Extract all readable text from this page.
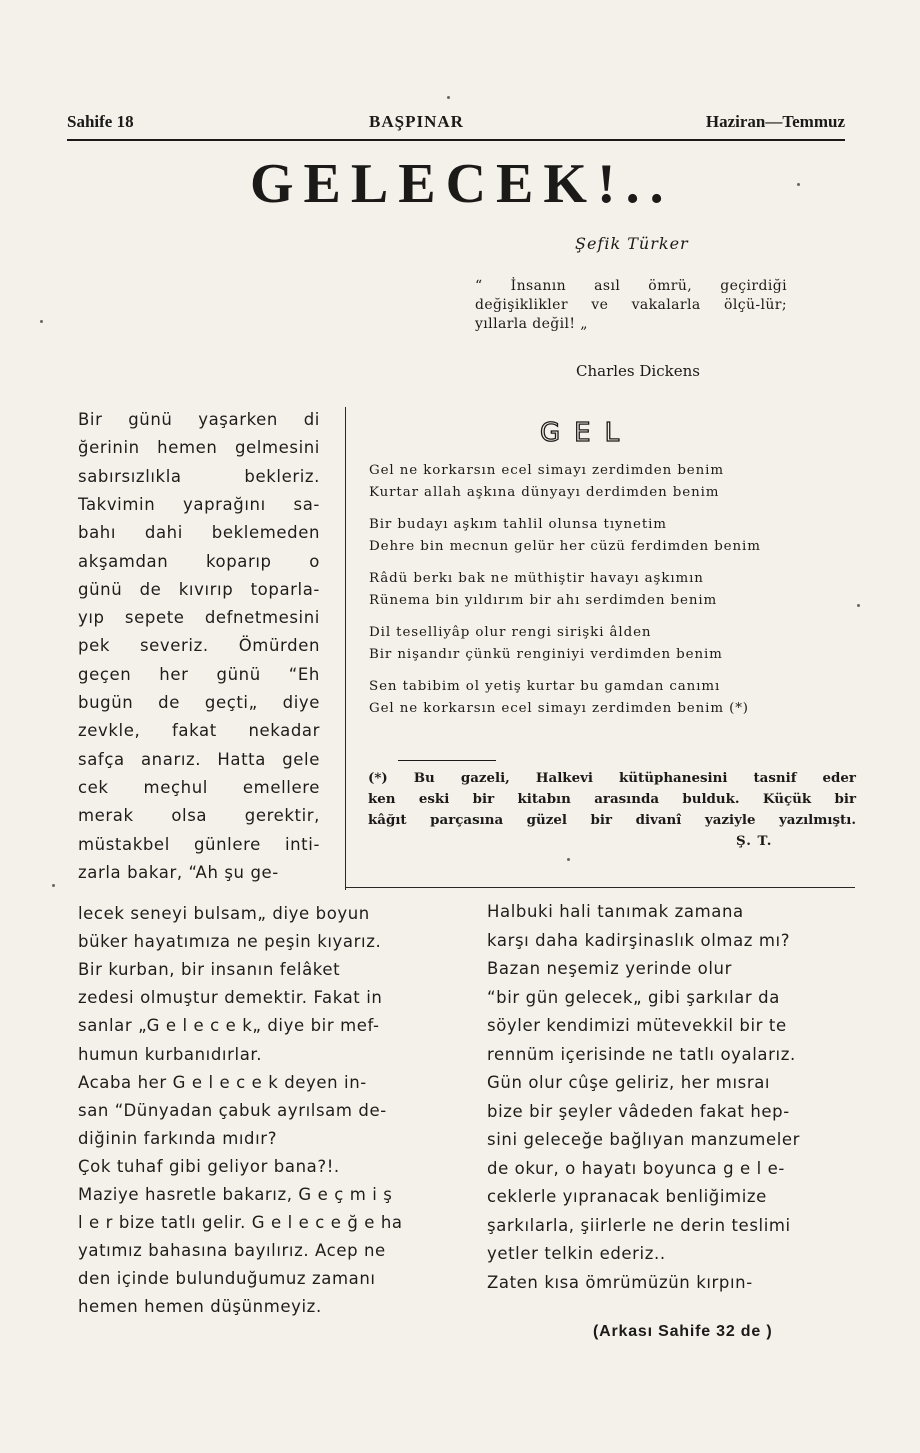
Sahife 18	BAŞPINAR	Haziran—Temmuz
GELECEK!..
Şefik Türker
“ İnsanın asıl ömrü, geçirdiği değişiklikler ve vakalarla ölçü-lür; yıllarla değil! „
Charles Dickens
Bir günü yaşarken di
ğerinin hemen gelmesini
sabırsızlıkla bekleriz.
Takvimin yaprağını sa-
bahı dahi beklemeden
akşamdan koparıp o
günü de kıvırıp toparla-
yıp sepete defnetmesini
pek severiz. Ömürden
geçen her günü “Eh
bugün de geçti„ diye
zevkle, fakat nekadar
safça anarız. Hatta gele
cek meçhul emellere
merak olsa gerektir,
müstakbel günlere inti-
zarla bakar, “Ah şu ge-
GEL
Gel ne korkarsın ecel simayı zerdimden benim
Kurtar allah aşkına dünyayı derdimden benim
Bir budayı aşkım tahlil olunsa tıynetim
Dehre bin mecnun gelür her cüzü ferdimden benim
Râdü berkı bak ne müthiştir havayı aşkımın
Rünema bin yıldırım bir ahı serdimden benim
Dil teselliyâp olur rengi sirişki âlden
Bir nişandır çünkü renginiyi verdimden benim
Sen tabibim ol yetiş kurtar bu gamdan canımı
Gel ne korkarsın ecel simayı zerdimden benim (*)
(*) Bu gazeli, Halkevi kütüphanesini tasnif eder
ken eski bir kitabın arasında bulduk. Küçük bir
kâğıt parçasına güzel bir divanî yaziyle yazılmıştı.
Ş. T.
lecek seneyi bulsam„ diye boyun
büker hayatımıza ne peşin kıyarız.
Bir kurban, bir insanın felâket
zedesi olmuştur demektir. Fakat in
sanlar „G e l e c e k„ diye bir mef-
humun kurbanıdırlar.
Acaba her G e l e c e k deyen in-
san “Dünyadan çabuk ayrılsam de-
diğinin farkında mıdır?
Çok tuhaf gibi geliyor bana?!.
Maziye hasretle bakarız, G e ç m i ş
l e r bize tatlı gelir. G e l e c e ğ e ha
yatımız bahasına bayılırız. Acep ne
den içinde bulunduğumuz zamanı
hemen hemen düşünmeyiz.
Halbuki hali tanımak zamana
karşı daha kadirşinaslık olmaz mı?
Bazan neşemiz yerinde olur
“bir gün gelecek„ gibi şarkılar da
söyler kendimizi mütevekkil bir te
rennüm içerisinde ne tatlı oyalarız.
Gün olur cûşe geliriz, her mısraı
bize bir şeyler vâdeden fakat hep-
sini geleceğe bağlıyan manzumeler
de okur, o hayatı boyunca g e l e-
ceklerle yıpranacak benliğimize
şarkılarla, şiirlerle ne derin teslimi
yetler telkin ederiz..
Zaten kısa ömrümüzün kırpın-
(Arkası Sahife 32 de )
